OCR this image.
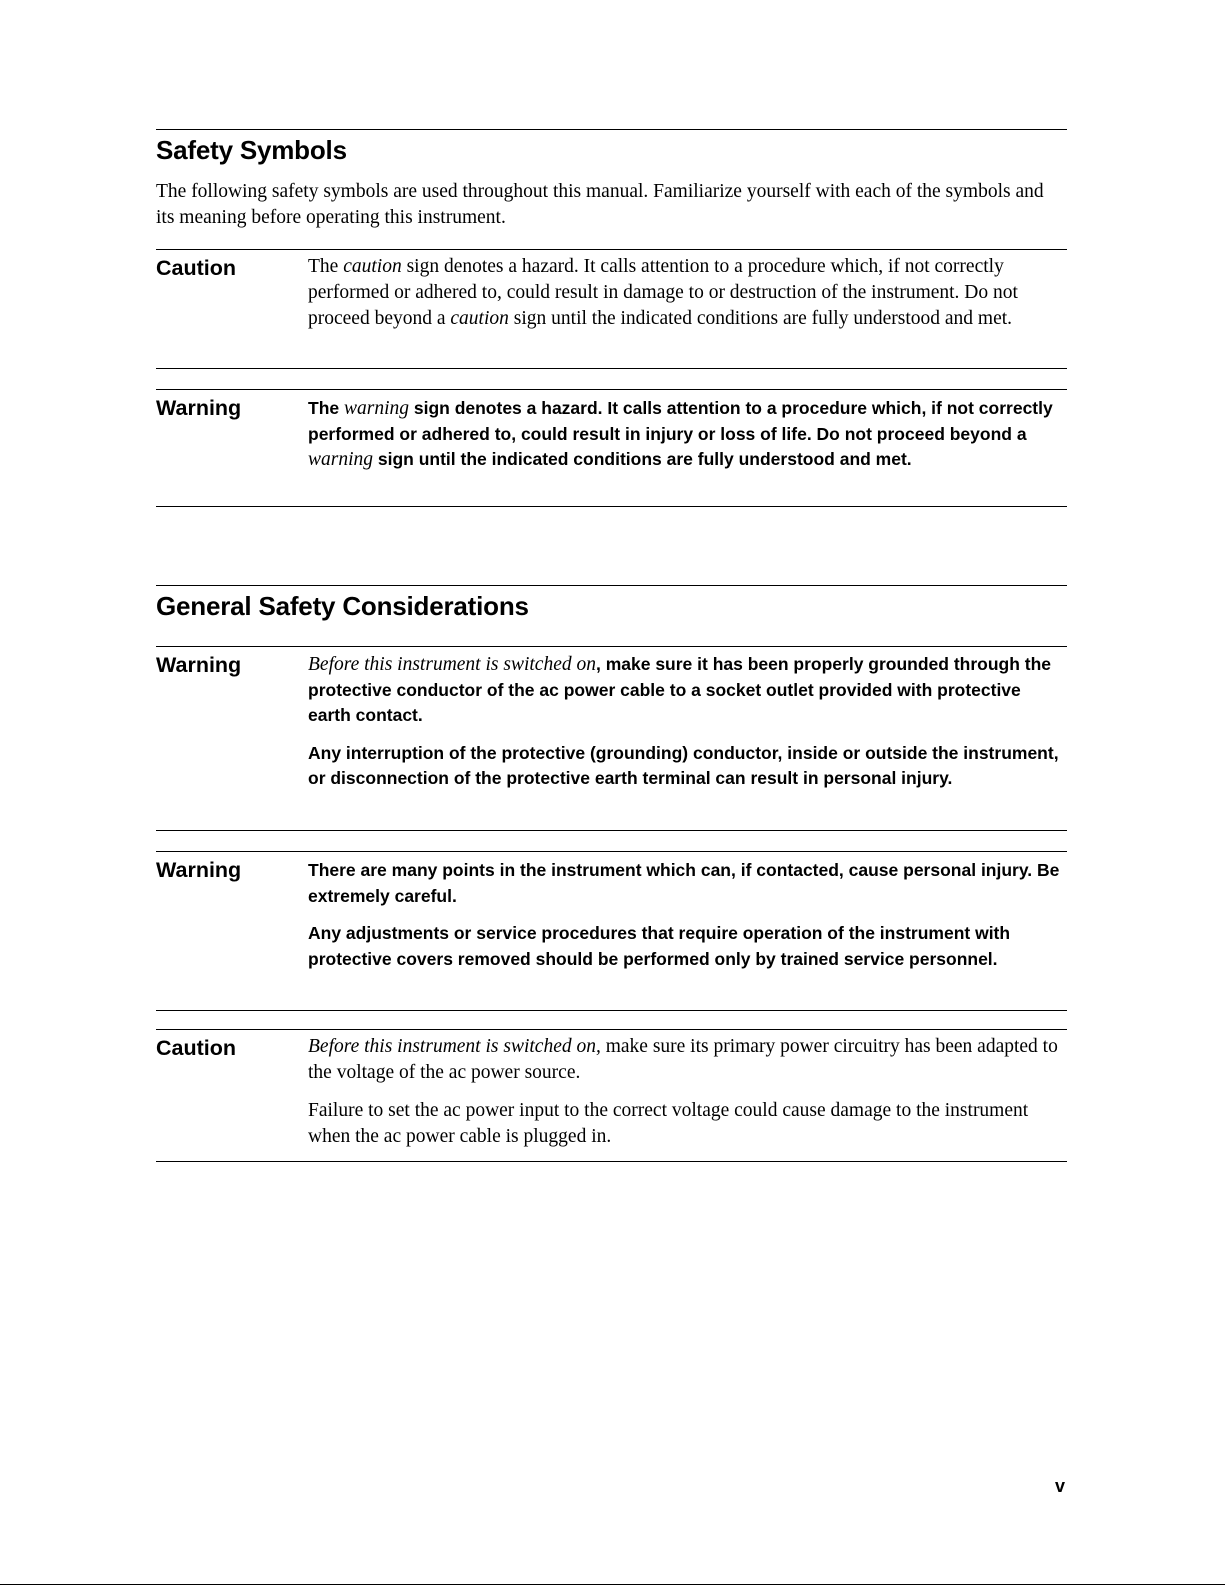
Safety Symbols

The following safety symbols are used throughout this manual. Familiarize yourself with each of the symbols and its meaning before operating this instrument.

Caution	The caution sign denotes a hazard. It calls attention to a procedure which, if not correctly performed or adhered to, could result in damage to or destruction of the instrument. Do not proceed beyond a caution sign until the indicated conditions are fully understood and met.

Warning	The warning sign denotes a hazard. It calls attention to a procedure which, if not correctly performed or adhered to, could result in injury or loss of life. Do not proceed beyond a warning sign until the indicated conditions are fully understood and met.

General Safety Considerations
Warning	Before this instrument is switched on, make sure it has been properly grounded through the protective conductor of the ac power cable to a socket outlet provided with protective earth contact.

Any interruption of the protective (grounding) conductor, inside or outside the instrument, or disconnection of the protective earth terminal can result in personal injury.

Warning	There are many points in the instrument which can, if contacted, cause personal injury. Be extremely careful.

Any adjustments or service procedures that require operation of the instrument with protective covers removed should be performed only by trained service personnel.

Caution	Before this instrument is switched on, make sure its primary power circuitry has been adapted to the voltage of the ac power source.

Failure to set the ac power input to the correct voltage could cause damage to the instrument when the ac power cable is plugged in.

v
